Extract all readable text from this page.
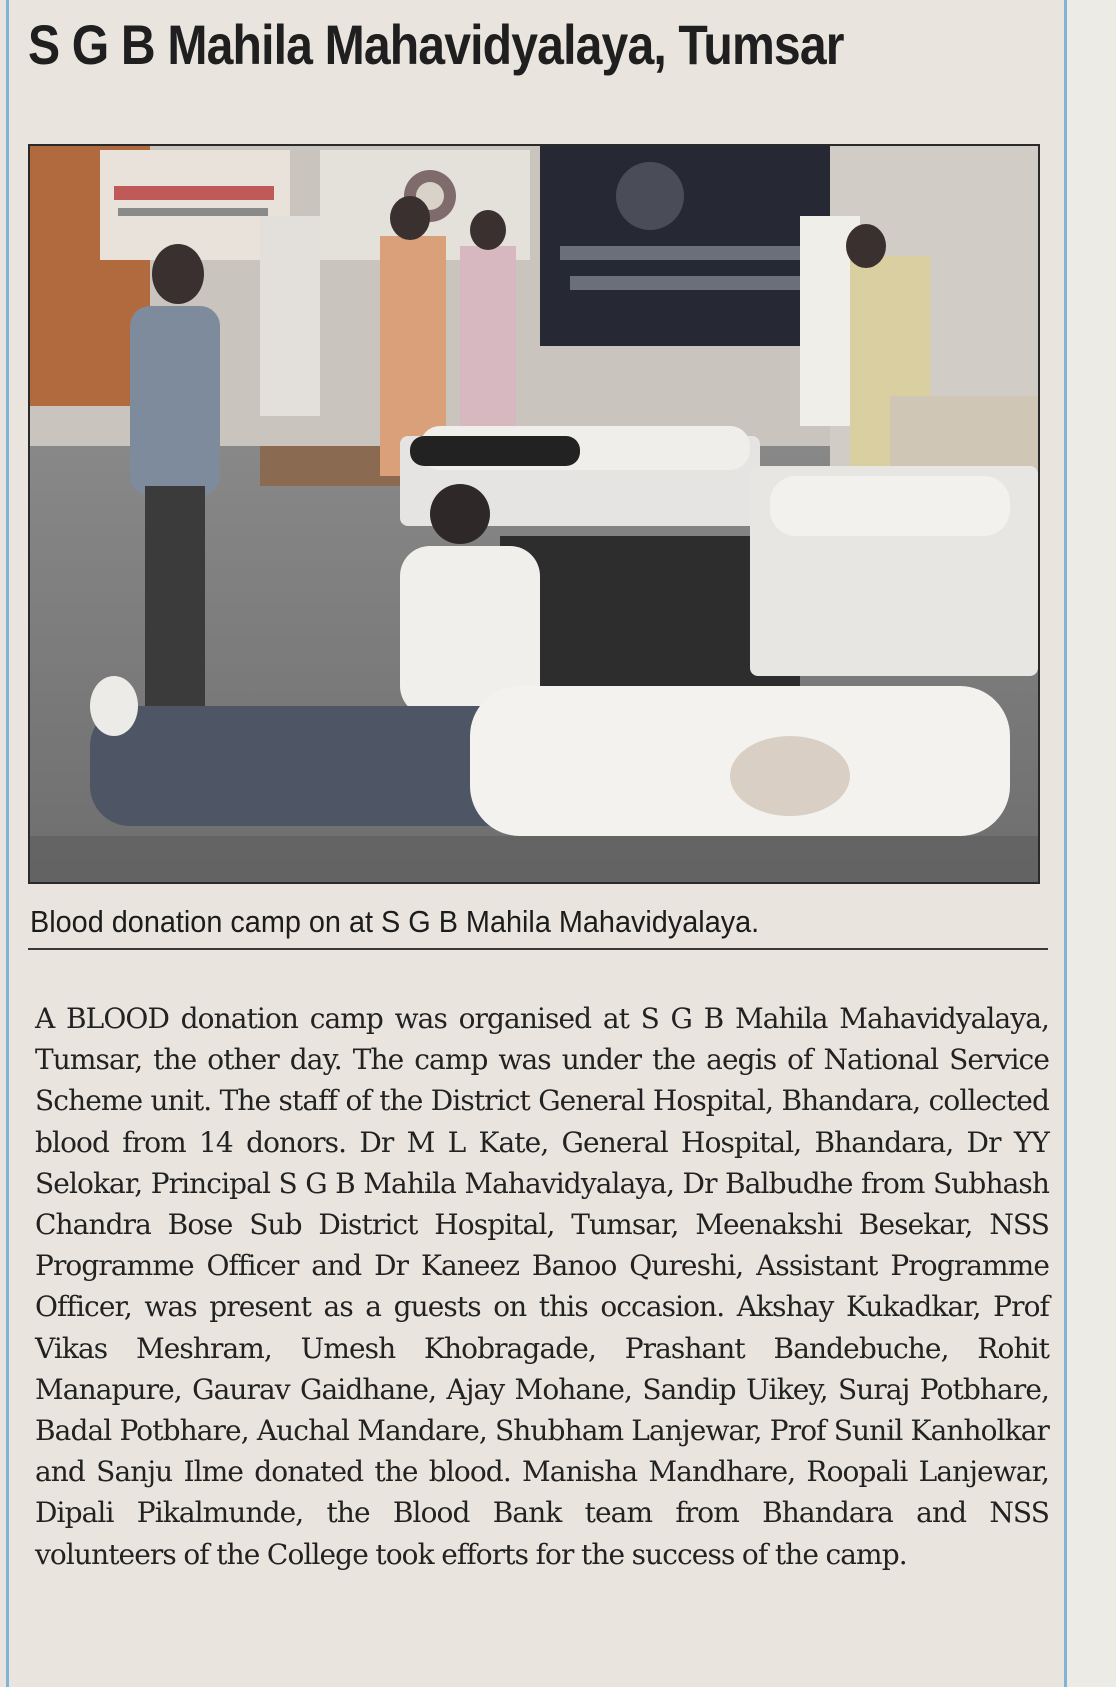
S G B Mahila Mahavidyalaya, Tumsar

Blood donation camp on at S G B Mahila Mahavidyalaya.

A BLOOD donation camp was organised at S G B Mahila Mahavidyalaya, Tumsar, the other day. The camp was under the aegis of National Service Scheme unit. The staff of the District General Hospital, Bhandara, collected blood from 14 donors. Dr M L Kate, General Hospital, Bhandara, Dr YY Selokar, Principal S G B Mahila Mahavidyalaya, Dr Balbudhe from Subhash Chandra Bose Sub District Hospital, Tumsar, Meenakshi Besekar, NSS Programme Officer and Dr Kaneez Banoo Qureshi, Assistant Programme Officer, was present as a guests on this occasion. Akshay Kukadkar, Prof Vikas Meshram, Umesh Khobragade, Prashant Bandebuche, Rohit Manapure, Gaurav Gaidhane, Ajay Mohane, Sandip Uikey, Suraj Potbhare, Badal Potbhare, Auchal Mandare, Shubham Lanjewar, Prof Sunil Kanholkar and Sanju Ilme donated the blood. Manisha Mandhare, Roopali Lanjewar, Dipali Pikalmunde, the Blood Bank team from Bhandara and NSS volunteers of the College took efforts for the success of the camp.
